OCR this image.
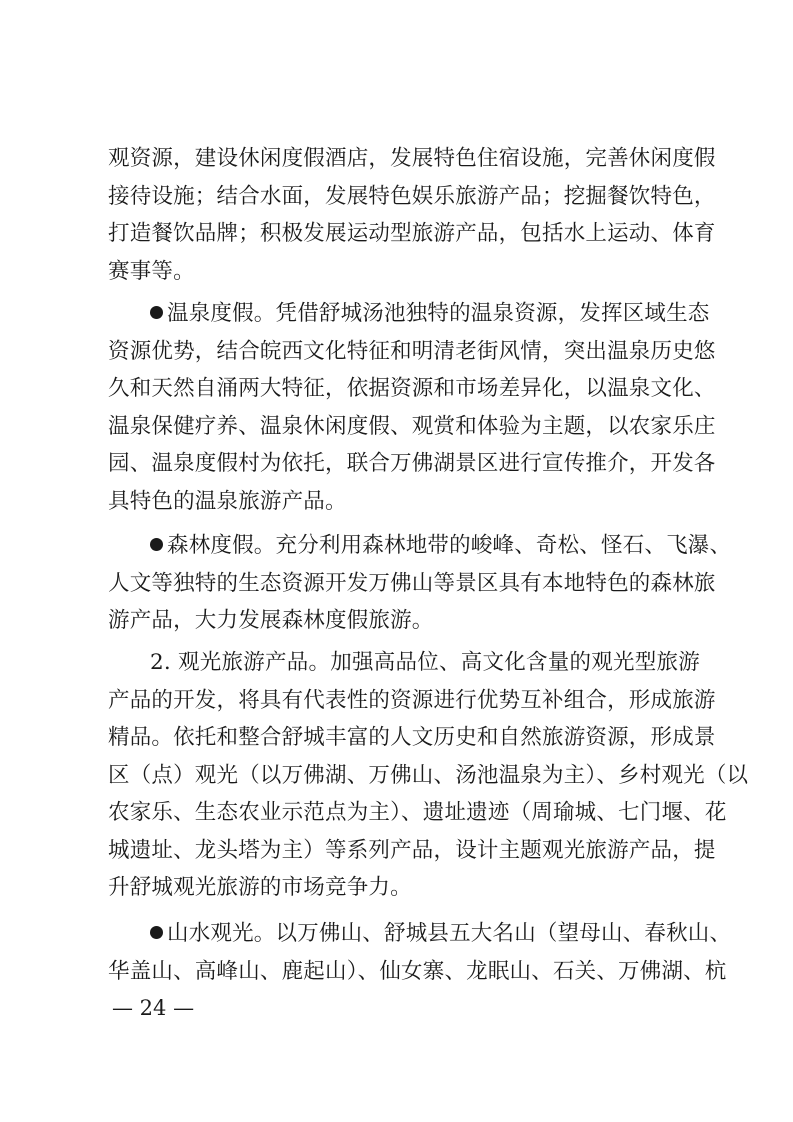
观资源，建设休闲度假酒店，发展特色住宿设施，完善休闲度假
接待设施；结合水面，发展特色娱乐旅游产品；挖掘餐饮特色，
打造餐饮品牌；积极发展运动型旅游产品，包括水上运动、体育
赛事等。
温泉度假。凭借舒城汤池独特的温泉资源，发挥区域生态
资源优势，结合皖西文化特征和明清老街风情，突出温泉历史悠
久和天然自涌两大特征，依据资源和市场差异化，以温泉文化、
温泉保健疗养、温泉休闲度假、观赏和体验为主题，以农家乐庄
园、温泉度假村为依托，联合万佛湖景区进行宣传推介，开发各
具特色的温泉旅游产品。
森林度假。充分利用森林地带的峻峰、奇松、怪石、飞瀑、
人文等独特的生态资源开发万佛山等景区具有本地特色的森林旅
游产品，大力发展森林度假旅游。
2. 观光旅游产品。加强高品位、高文化含量的观光型旅游
产品的开发，将具有代表性的资源进行优势互补组合，形成旅游
精品。依托和整合舒城丰富的人文历史和自然旅游资源，形成景
区（点）观光（以万佛湖、万佛山、汤池温泉为主）、乡村观光（以
农家乐、生态农业示范点为主）、遗址遗迹（周瑜城、七门堰、花
城遗址、龙头塔为主）等系列产品，设计主题观光旅游产品，提
升舒城观光旅游的市场竞争力。
山水观光。以万佛山、舒城县五大名山（望母山、春秋山、
华盖山、高峰山、鹿起山）、仙女寨、龙眠山、石关、万佛湖、杭
— 24 —
